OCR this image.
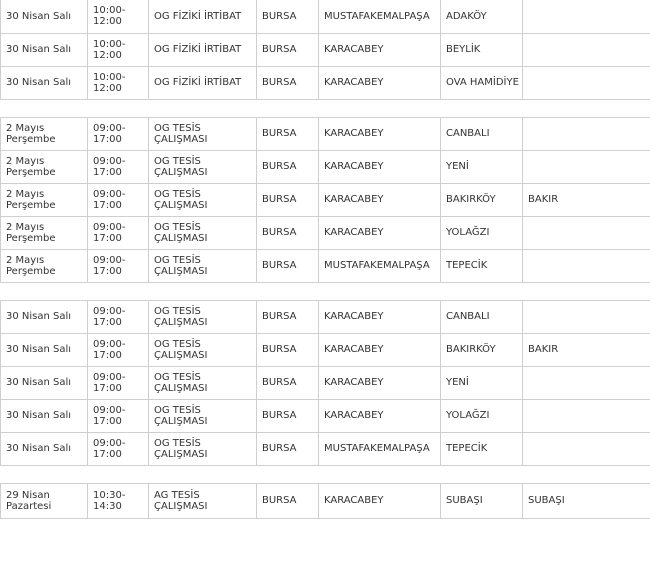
30 Nisan Salı	10:00-12:00	OG FİZİKİ İRTİBAT	BURSA	MUSTAFAKEMALPAŞA	ADAKÖY	
30 Nisan Salı	10:00-12:00	OG FİZİKİ İRTİBAT	BURSA	KARACABEY	BEYLİK	
30 Nisan Salı	10:00-12:00	OG FİZİKİ İRTİBAT	BURSA	KARACABEY	OVA HAMİDİYE	

2 Mayıs Perşembe	09:00-17:00	OG TESİS ÇALIŞMASI	BURSA	KARACABEY	CANBALI	
2 Mayıs Perşembe	09:00-17:00	OG TESİS ÇALIŞMASI	BURSA	KARACABEY	YENİ	
2 Mayıs Perşembe	09:00-17:00	OG TESİS ÇALIŞMASI	BURSA	KARACABEY	BAKIRKÖY	BAKIR
2 Mayıs Perşembe	09:00-17:00	OG TESİS ÇALIŞMASI	BURSA	KARACABEY	YOLAĞZI	
2 Mayıs Perşembe	09:00-17:00	OG TESİS ÇALIŞMASI	BURSA	MUSTAFAKEMALPAŞA	TEPECİK	

30 Nisan Salı	09:00-17:00	OG TESİS ÇALIŞMASI	BURSA	KARACABEY	CANBALI	
30 Nisan Salı	09:00-17:00	OG TESİS ÇALIŞMASI	BURSA	KARACABEY	BAKIRKÖY	BAKIR
30 Nisan Salı	09:00-17:00	OG TESİS ÇALIŞMASI	BURSA	KARACABEY	YENİ	
30 Nisan Salı	09:00-17:00	OG TESİS ÇALIŞMASI	BURSA	KARACABEY	YOLAĞZI	
30 Nisan Salı	09:00-17:00	OG TESİS ÇALIŞMASI	BURSA	MUSTAFAKEMALPAŞA	TEPECİK	

29 Nisan Pazartesi	10:30-14:30	AG TESİS ÇALIŞMASI	BURSA	KARACABEY	SUBAŞI	SUBAŞI
